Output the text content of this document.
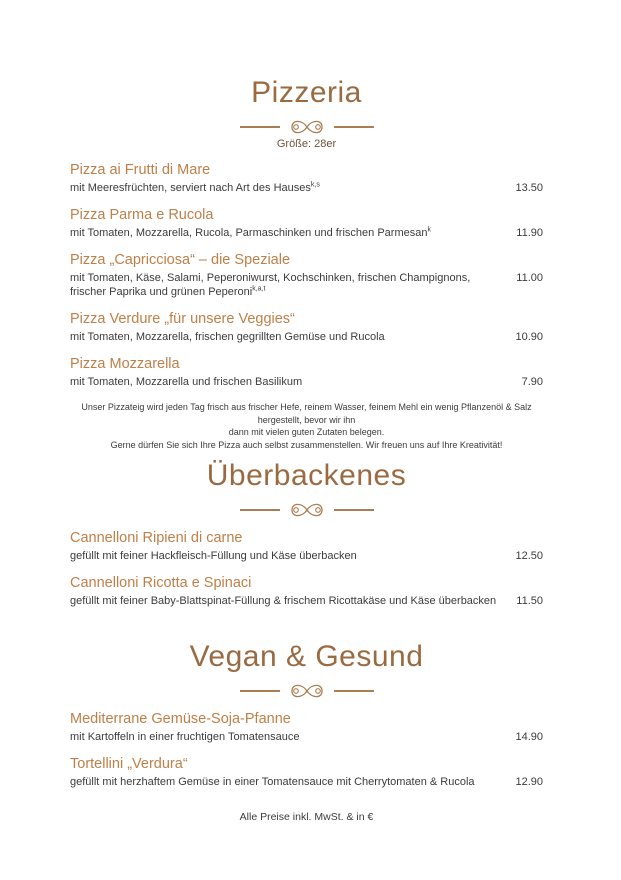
Pizzeria
Größe: 28er
Pizza ai Frutti di Mare
mit Meeresfrüchten, serviert nach Art des Hauses$^{k,s}$	13.50
Pizza Parma e Rucola
mit Tomaten, Mozzarella, Rucola, Parmaschinken und frischen Parmesan$^k$	11.90
Pizza „Capricciosa“ – die Speziale
mit Tomaten, Käse, Salami, Peperoniwurst, Kochschinken, frischen Champignons,	11.00
frischer Paprika und grünen Peperoni$^{k,a,t}$
Pizza Verdure „für unsere Veggies“
mit Tomaten, Mozzarella, frischen gegrillten Gemüse und Rucola	10.90
Pizza Mozzarella
mit Tomaten, Mozzarella und frischen Basilikum	7.90
Unser Pizzateig wird jeden Tag frisch aus frischer Hefe, reinem Wasser, feinem Mehl ein wenig Pflanzenöl & Salz hergestellt, bevor wir ihn
dann mit vielen guten Zutaten belegen.
Gerne dürfen Sie sich Ihre Pizza auch selbst zusammenstellen. Wir freuen uns auf Ihre Kreativität!
Überbackenes
Cannelloni Ripieni di carne
gefüllt mit feiner Hackfleisch-Füllung und Käse überbacken	12.50
Cannelloni Ricotta e Spinaci
gefüllt mit feiner Baby-Blattspinat-Füllung & frischem Ricottakäse und Käse überbacken	11.50
Vegan & Gesund
Mediterrane Gemüse-Soja-Pfanne
mit Kartoffeln in einer fruchtigen Tomatensauce	14.90
Tortellini „Verdura“
gefüllt mit herzhaftem Gemüse in einer Tomatensauce mit Cherrytomaten & Rucola	12.90
Alle Preise inkl. MwSt. & in €
